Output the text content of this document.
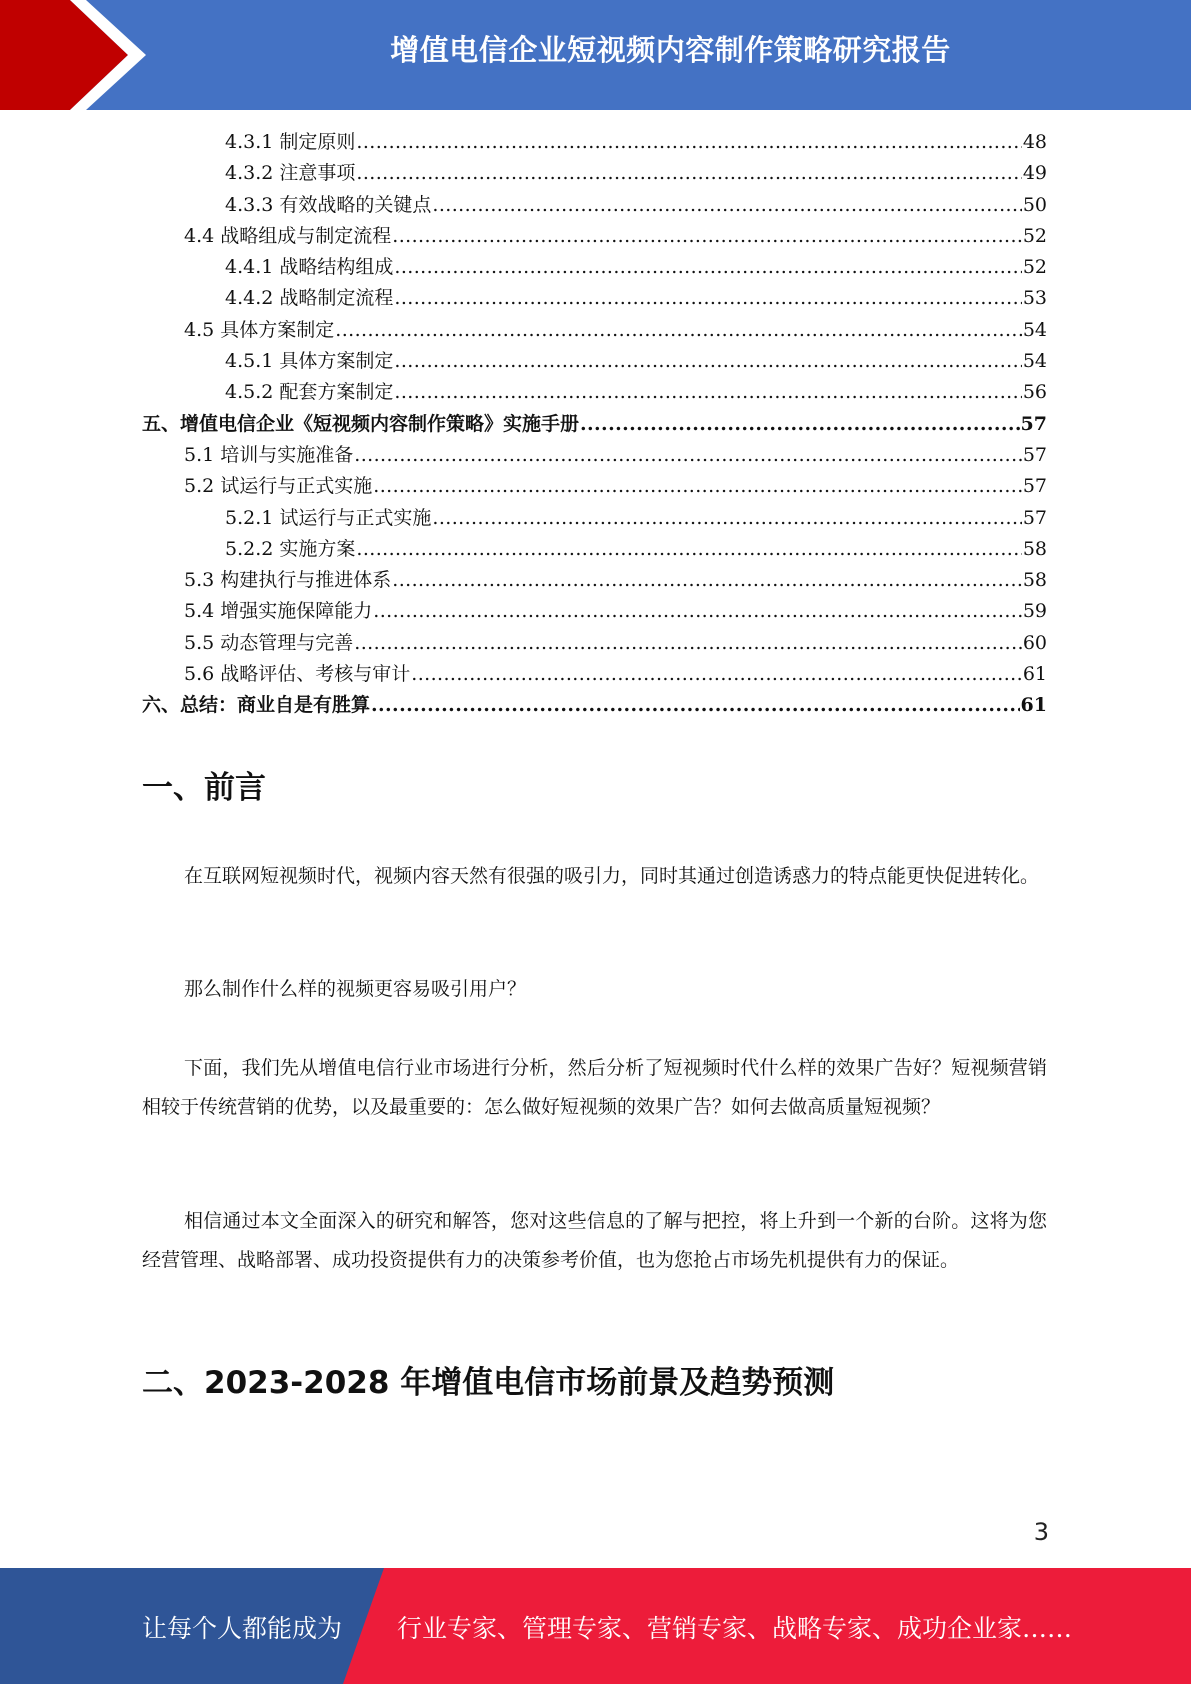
增值电信企业短视频内容制作策略研究报告
4.3.1 制定原则 .....	48
4.3.2 注意事项 .....	49
4.3.3 有效战略的关键点 .....	50
4.4 战略组成与制定流程 .....	52
4.4.1 战略结构组成 .....	52
4.4.2 战略制定流程 .....	53
4.5 具体方案制定 .....	54
4.5.1 具体方案制定 .....	54
4.5.2 配套方案制定 .....	56
五、增值电信企业《短视频内容制作策略》实施手册 .....	57
5.1 培训与实施准备 .....	57
5.2 试运行与正式实施 .....	57
5.2.1 试运行与正式实施 .....	57
5.2.2 实施方案 .....	58
5.3 构建执行与推进体系 .....	58
5.4 增强实施保障能力 .....	59
5.5 动态管理与完善 .....	60
5.6 战略评估、考核与审计 .....	61
六、总结：商业自是有胜算 .....	61
一、前言

在互联网短视频时代，视频内容天然有很强的吸引力，同时其通过创造诱惑力的特点能更快促进转化。

那么制作什么样的视频更容易吸引用户？

下面，我们先从增值电信行业市场进行分析，然后分析了短视频时代什么样的效果广告好？短视频营销相较于传统营销的优势，以及最重要的：怎么做好短视频的效果广告？如何去做高质量短视频？

相信通过本文全面深入的研究和解答，您对这些信息的了解与把控，将上升到一个新的台阶。这将为您经营管理、战略部署、成功投资提供有力的决策参考价值，也为您抢占市场先机提供有力的保证。

二、2023-2028 年增值电信市场前景及趋势预测
3
让每个人都能成为 行业专家、管理专家、营销专家、战略专家、成功企业家……
